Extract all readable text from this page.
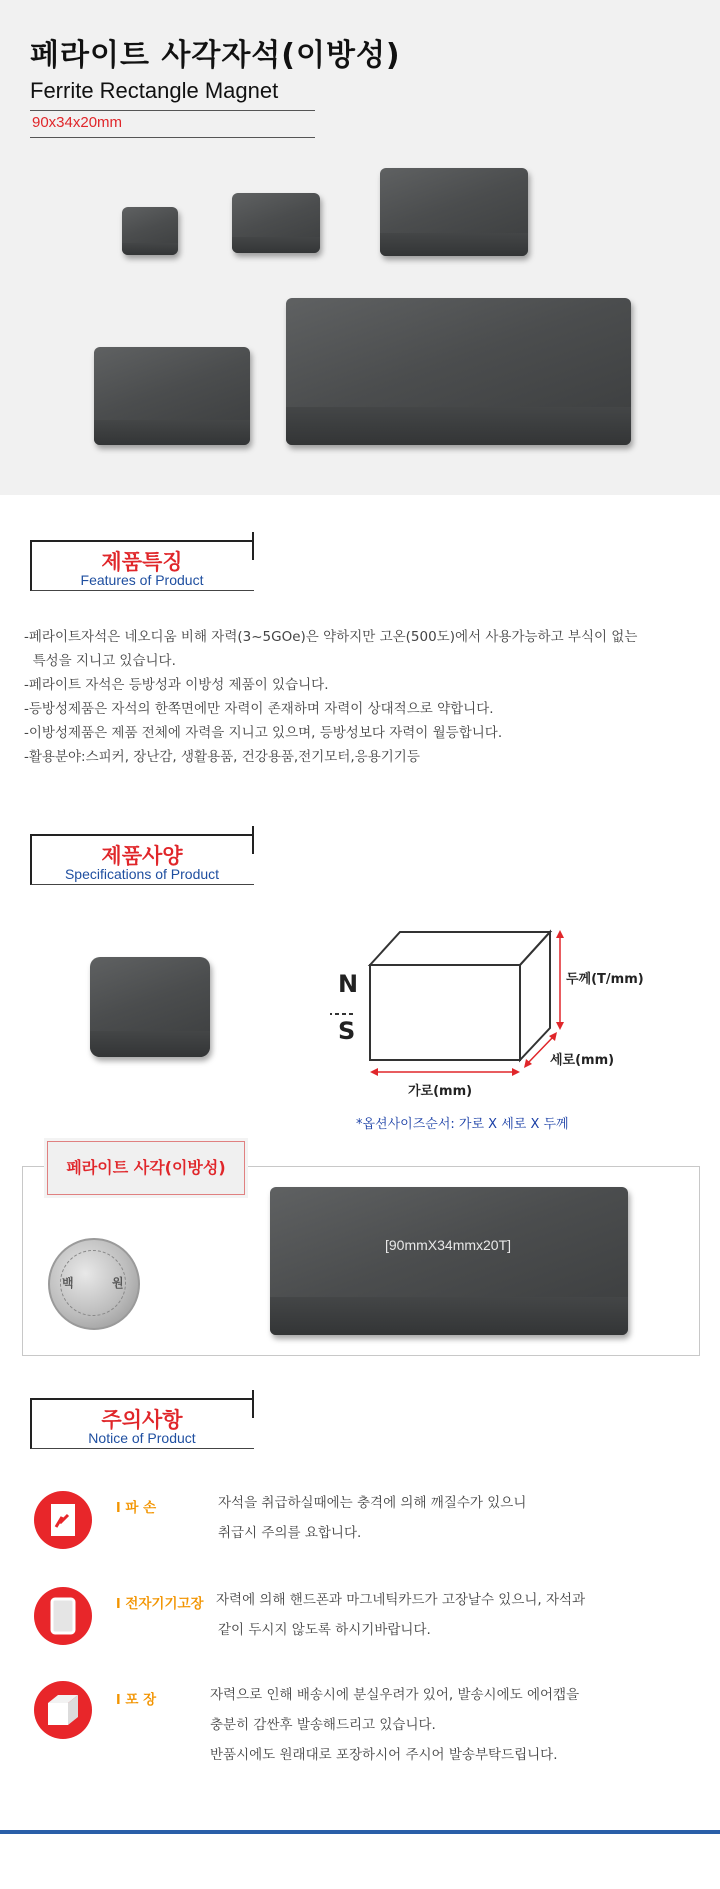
페라이트 사각자석(이방성)
Ferrite Rectangle Magnet
90x34x20mm
제품특징
Features of Product
-페라이트자석은 네오디움 비해 자력(3~5GOe)은 약하지만 고온(500도)에서 사용가능하고 부식이 없는
특성을 지니고 있습니다.
-페라이트 자석은 등방성과 이방성 제품이 있습니다.
-등방성제품은 자석의 한쪽면에만 자력이 존재하며 자력이 상대적으로 약합니다.
-이방성제품은 제품 전체에 자력을 지니고 있으며, 등방성보다 자력이 월등합니다.
-활용분야:스피커, 장난감, 생활용품, 건강용품,전기모터,응용기기등
제품사양
Specifications of Product
N
S
두께(T/mm)
세로(mm)
가로(mm)
*옵션사이즈순서: 가로 X 세로 X 두께
페라이트 사각(이방성)
백	원
[90mmX34mmx20T]
주의사항
Notice of Product
l 파 손	자석을 취급하실때에는 충격에 의해 깨질수가 있으니
취급시 주의를 요합니다.
l 전자기기고장 자력에 의해 핸드폰과 마그네틱카드가 고장날수 있으니, 자석과
같이 두시지 않도록 하시기바랍니다.
l 포 장	자력으로 인해 배송시에 분실우려가 있어, 발송시에도 에어캡을
충분히 감싼후 발송해드리고 있습니다.
반품시에도 원래대로 포장하시어 주시어 발송부탁드립니다.
